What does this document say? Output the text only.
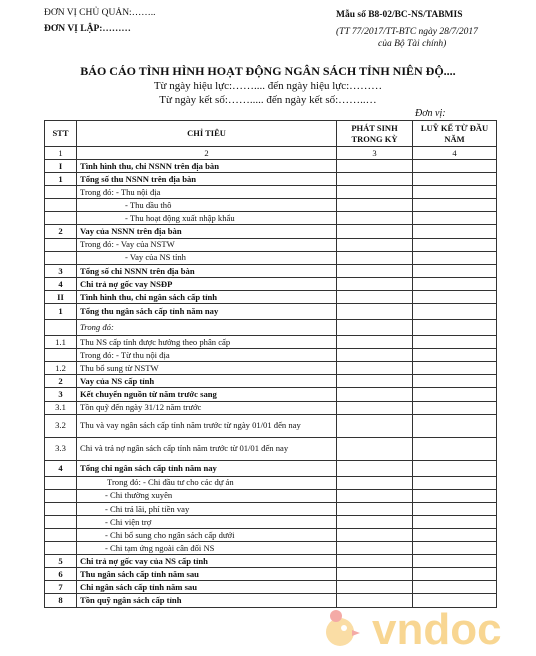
ĐƠN VỊ CHỦ QUẢN:……..
ĐƠN VỊ LẬP:………
Mẫu số B8-02/BC-NS/TABMIS
(TT 77/2017/TT-BTC ngày 28/7/2017
của Bộ Tài chính)
BÁO CÁO TÌNH HÌNH HOẠT ĐỘNG NGÂN SÁCH TỈNH NIÊN ĐỘ....
Từ ngày hiệu lực:…….... đến ngày hiệu lực:………
Từ ngày kết số:……..... đến ngày kết số:……..…
Đơn vị:
STT	CHỈ TIÊU	PHÁT SINH TRONG KỲ	LUỸ KẾ TỪ ĐẦU NĂM
1	2	3	4
I	Tình hình thu, chi NSNN trên địa bàn		
1	Tổng số thu NSNN trên địa bàn		
	Trong đó: - Thu nội địa		
	- Thu dầu thô		
	- Thu hoạt động xuất nhập khẩu		
2	Vay của NSNN trên địa bàn		
	Trong đó: - Vay của NSTW		
	- Vay của NS tỉnh		
3	Tổng số chi NSNN trên địa bàn		
4	Chi trả nợ gốc vay NSĐP		
II	Tình hình thu, chi ngân sách cấp tỉnh		
1	Tổng thu ngân sách cấp tỉnh năm nay		
	Trong đó:		
1.1	Thu NS cấp tỉnh được hưởng theo phân cấp		
	Trong đó: - Từ thu nội địa		
1.2	Thu bổ sung từ NSTW		
2	Vay của NS cấp tỉnh		
3	Kết chuyển nguồn từ năm trước sang		
3.1	Tồn quỹ đến ngày 31/12 năm trước		
3.2	Thu và vay ngân sách cấp tỉnh năm trước từ ngày 01/01 đến nay		
3.3	Chi và trả nợ ngân sách cấp tỉnh năm trước từ 01/01 đến nay		
4	Tổng chi ngân sách cấp tỉnh năm nay		
	Trong đó: - Chi đầu tư cho các dự án		
	- Chi thường xuyên		
	- Chi trả lãi, phí tiền vay		
	- Chi viện trợ		
	- Chi bổ sung cho ngân sách cấp dưới		
	- Chi tạm ứng ngoài cân đối NS		
5	Chi trả nợ gốc vay của NS cấp tỉnh		
6	Thu ngân sách cấp tỉnh năm sau		
7	Chi ngân sách cấp tỉnh năm sau		
8	Tồn quỹ ngân sách cấp tỉnh		
vndoc
